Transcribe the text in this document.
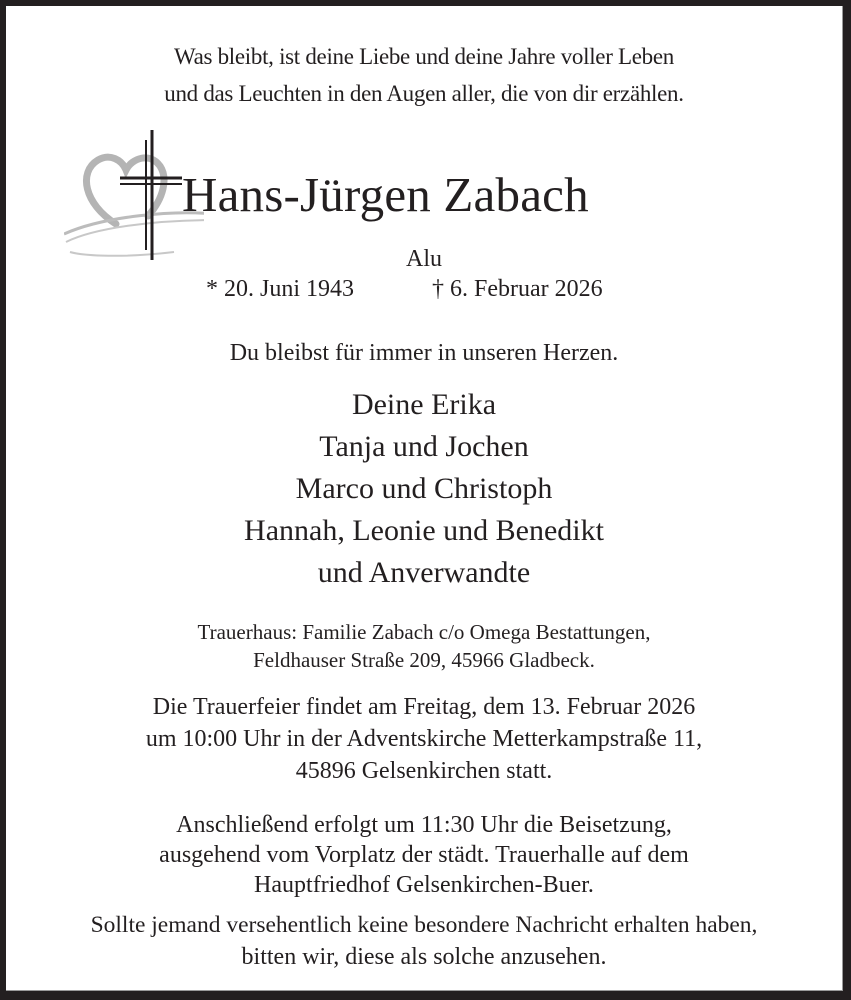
Was bleibt, ist deine Liebe und deine Jahre voller Leben
und das Leuchten in den Augen aller, die von dir erzählen.
Hans-Jürgen Zabach
Alu
* 20. Juni 1943	† 6. Februar 2026
Du bleibst für immer in unseren Herzen.
Deine Erika
Tanja und Jochen
Marco und Christoph
Hannah, Leonie und Benedikt
und Anverwandte
Trauerhaus: Familie Zabach c/o Omega Bestattungen,
Feldhauser Straße 209, 45966 Gladbeck.
Die Trauerfeier findet am Freitag, dem 13. Februar 2026
um 10:00 Uhr in der Adventskirche Metterkampstraße 11,
45896 Gelsenkirchen statt.
Anschließend erfolgt um 11:30 Uhr die Beisetzung,
ausgehend vom Vorplatz der städt. Trauerhalle auf dem
Hauptfriedhof Gelsenkirchen-Buer.
Sollte jemand versehentlich keine besondere Nachricht erhalten haben,
bitten wir, diese als solche anzusehen.
